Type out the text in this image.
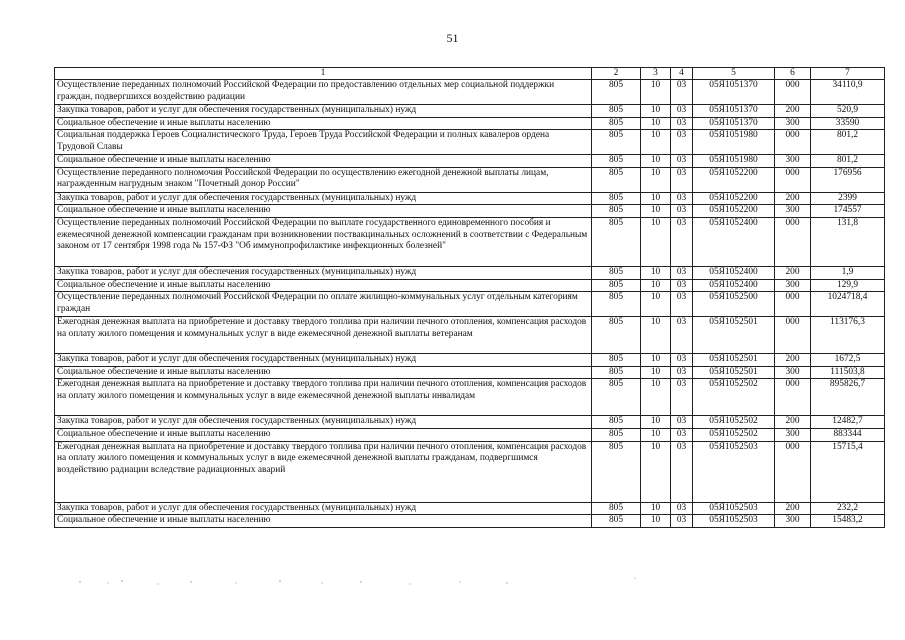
51
1	2	3	4	5	6	7
Осуществление переданных полномочий Российской Федерации по предоставлению отдельных мер социальной поддержки граждан, подвергшихся воздействию радиации	805	10	03	05Я1051370	000	34110,9
Закупка товаров, работ и услуг для обеспечения государственных (муниципальных) нужд	805	10	03	05Я1051370	200	520,9
Социальное обеспечение и иные выплаты населению	805	10	03	05Я1051370	300	33590
Социальная поддержка Героев Социалистического Труда, Героев Труда Российской Федерации и полных кавалеров ордена Трудовой Славы	805	10	03	05Я1051980	000	801,2
Социальное обеспечение и иные выплаты населению	805	10	03	05Я1051980	300	801,2
Осуществление переданного полномочия Российской Федерации по осуществлению ежегодной денежной выплаты лицам, награжденным нагрудным знаком "Почетный донор России"	805	10	03	05Я1052200	000	176956
Закупка товаров, работ и услуг для обеспечения государственных (муниципальных) нужд	805	10	03	05Я1052200	200	2399
Социальное обеспечение и иные выплаты населению	805	10	03	05Я1052200	300	174557
Осуществление переданных полномочий Российской Федерации по выплате государственного единовременного пособия и ежемесячной денежной компенсации гражданам при возникновении поствакцинальных осложнений в соответствии с Федеральным законом от 17 сентября 1998 года № 157-ФЗ "Об иммунопрофилактике инфекционных болезней"	805	10	03	05Я1052400	000	131,8
Закупка товаров, работ и услуг для обеспечения государственных (муниципальных) нужд	805	10	03	05Я1052400	200	1,9
Социальное обеспечение и иные выплаты населению	805	10	03	05Я1052400	300	129,9
Осуществление переданных полномочий Российской Федерации по оплате жилищно-коммунальных услуг отдельным категориям граждан	805	10	03	05Я1052500	000	1024718,4
Ежегодная денежная выплата на приобретение и доставку твердого топлива при наличии печного отопления, компенсация расходов на оплату жилого помещения и коммунальных услуг в виде ежемесячной денежной выплаты ветеранам	805	10	03	05Я1052501	000	113176,3
Закупка товаров, работ и услуг для обеспечения государственных (муниципальных) нужд	805	10	03	05Я1052501	200	1672,5
Социальное обеспечение и иные выплаты населению	805	10	03	05Я1052501	300	111503,8
Ежегодная денежная выплата на приобретение и доставку твердого топлива при наличии печного отопления, компенсация расходов на оплату жилого помещения и коммунальных услуг в виде ежемесячной денежной выплаты инвалидам	805	10	03	05Я1052502	000	895826,7
Закупка товаров, работ и услуг для обеспечения государственных (муниципальных) нужд	805	10	03	05Я1052502	200	12482,7
Социальное обеспечение и иные выплаты населению	805	10	03	05Я1052502	300	883344
Ежегодная денежная выплата на приобретение и доставку твердого топлива при наличии печного отопления, компенсация расходов на оплату жилого помещения и коммунальных услуг в виде ежемесячной денежной выплаты гражданам, подвергшимся воздействию радиации вследствие радиационных аварий	805	10	03	05Я1052503	000	15715,4
Закупка товаров, работ и услуг для обеспечения государственных (муниципальных) нужд	805	10	03	05Я1052503	200	232,2
Социальное обеспечение и иные выплаты населению	805	10	03	05Я1052503	300	15483,2
